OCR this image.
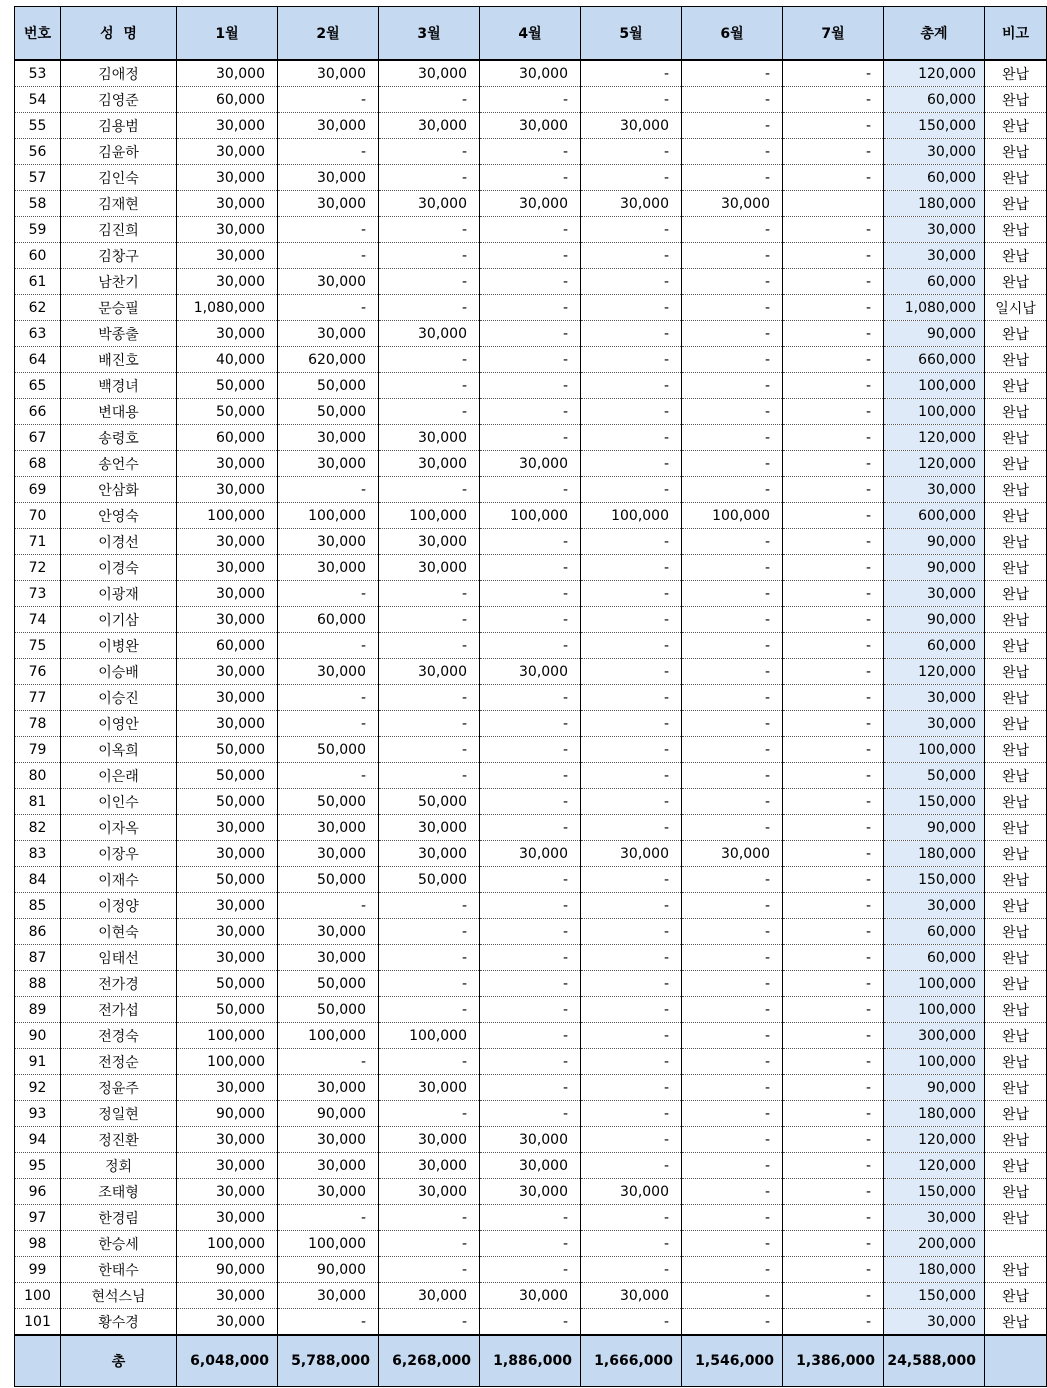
번호	성  명	1월	2월	3월	4월	5월	6월	7월	총계	비고
53	김애정	30,000	30,000	30,000	30,000	-	-	-	120,000	완납
54	김영준	60,000	-	-	-	-	-	-	60,000	완납
55	김용범	30,000	30,000	30,000	30,000	30,000	-	-	150,000	완납
56	김윤하	30,000	-	-	-	-	-	-	30,000	완납
57	김인숙	30,000	30,000	-	-	-	-	-	60,000	완납
58	김재현	30,000	30,000	30,000	30,000	30,000	30,000		180,000	완납
59	김진희	30,000	-	-	-	-	-	-	30,000	완납
60	김창구	30,000	-	-	-	-	-	-	30,000	완납
61	남찬기	30,000	30,000	-	-	-	-	-	60,000	완납
62	문승필	1,080,000	-	-	-	-	-	-	1,080,000	일시납
63	박종출	30,000	30,000	30,000	-	-	-	-	90,000	완납
64	배진호	40,000	620,000	-	-	-	-	-	660,000	완납
65	백경녀	50,000	50,000	-	-	-	-	-	100,000	완납
66	변대용	50,000	50,000	-	-	-	-	-	100,000	완납
67	송령호	60,000	30,000	30,000	-	-	-	-	120,000	완납
68	송언수	30,000	30,000	30,000	30,000	-	-	-	120,000	완납
69	안삼화	30,000	-	-	-	-	-	-	30,000	완납
70	안영숙	100,000	100,000	100,000	100,000	100,000	100,000	-	600,000	완납
71	이경선	30,000	30,000	30,000	-	-	-	-	90,000	완납
72	이경숙	30,000	30,000	30,000	-	-	-	-	90,000	완납
73	이광재	30,000	-	-	-	-	-	-	30,000	완납
74	이기삼	30,000	60,000	-	-	-	-	-	90,000	완납
75	이병완	60,000	-	-	-	-	-	-	60,000	완납
76	이승배	30,000	30,000	30,000	30,000	-	-	-	120,000	완납
77	이승진	30,000	-	-	-	-	-	-	30,000	완납
78	이영안	30,000	-	-	-	-	-	-	30,000	완납
79	이옥희	50,000	50,000	-	-	-	-	-	100,000	완납
80	이은래	50,000	-	-	-	-	-	-	50,000	완납
81	이인수	50,000	50,000	50,000	-	-	-	-	150,000	완납
82	이자옥	30,000	30,000	30,000	-	-	-	-	90,000	완납
83	이장우	30,000	30,000	30,000	30,000	30,000	30,000	-	180,000	완납
84	이재수	50,000	50,000	50,000	-	-	-	-	150,000	완납
85	이정양	30,000	-	-	-	-	-	-	30,000	완납
86	이현숙	30,000	30,000	-	-	-	-	-	60,000	완납
87	임태선	30,000	30,000	-	-	-	-	-	60,000	완납
88	전가경	50,000	50,000	-	-	-	-	-	100,000	완납
89	전가섭	50,000	50,000	-	-	-	-	-	100,000	완납
90	전경숙	100,000	100,000	100,000	-	-	-	-	300,000	완납
91	전정순	100,000	-	-	-	-	-	-	100,000	완납
92	정윤주	30,000	30,000	30,000	-	-	-	-	90,000	완납
93	정일현	90,000	90,000	-	-	-	-	-	180,000	완납
94	정진환	30,000	30,000	30,000	30,000	-	-	-	120,000	완납
95	정회	30,000	30,000	30,000	30,000	-	-	-	120,000	완납
96	조태형	30,000	30,000	30,000	30,000	30,000	-	-	150,000	완납
97	한경림	30,000	-	-	-	-	-	-	30,000	완납
98	한승세	100,000	100,000	-	-	-	-	-	200,000	
99	한태수	90,000	90,000	-	-	-	-	-	180,000	완납
100	현석스님	30,000	30,000	30,000	30,000	30,000	-	-	150,000	완납
101	황수경	30,000	-	-	-	-	-	-	30,000	완납
	총	6,048,000	5,788,000	6,268,000	1,886,000	1,666,000	1,546,000	1,386,000	24,588,000	
